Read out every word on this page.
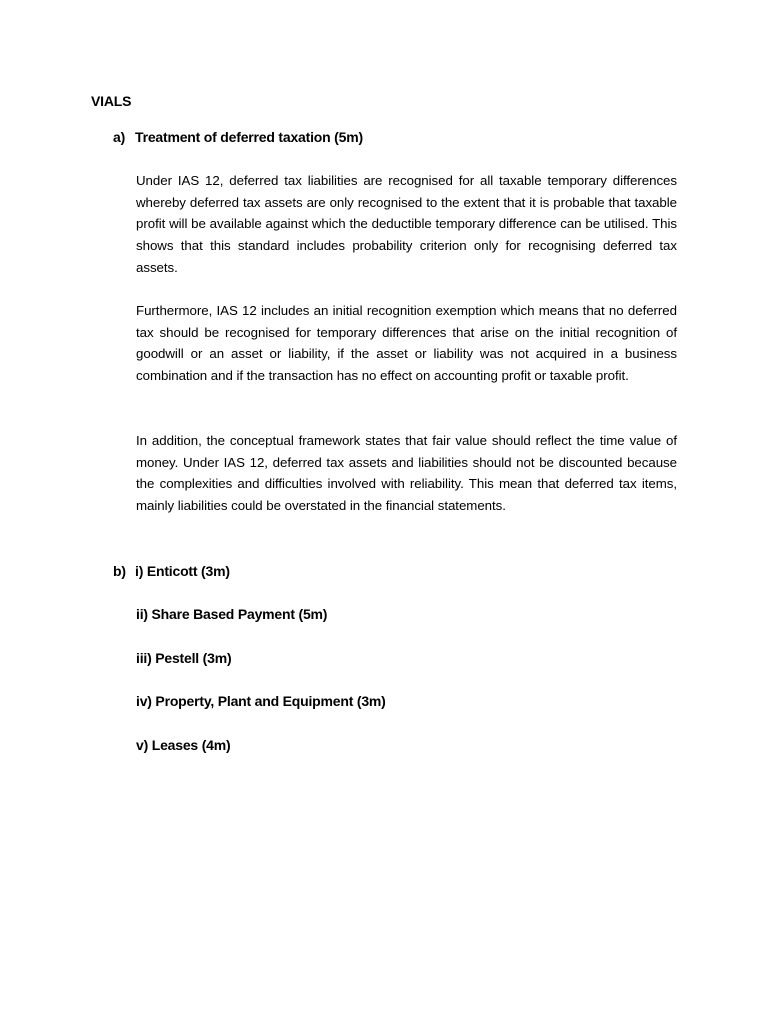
VIALS
a) Treatment of deferred taxation (5m)

Under IAS 12, deferred tax liabilities are recognised for all taxable temporary differences whereby deferred tax assets are only recognised to the extent that it is probable that taxable profit will be available against which the deductible temporary difference can be utilised. This shows that this standard includes probability criterion only for recognising deferred tax assets.

Furthermore, IAS 12 includes an initial recognition exemption which means that no deferred tax should be recognised for temporary differences that arise on the initial recognition of goodwill or an asset or liability, if the asset or liability was not acquired in a business combination and if the transaction has no effect on accounting profit or taxable profit.

In addition, the conceptual framework states that fair value should reflect the time value of money. Under IAS 12, deferred tax assets and liabilities should not be discounted because the complexities and difficulties involved with reliability. This mean that deferred tax items, mainly liabilities could be overstated in the financial statements.

b) i) Enticott (3m)
ii) Share Based Payment (5m)
iii) Pestell (3m)
iv) Property, Plant and Equipment (3m)
v) Leases (4m)
